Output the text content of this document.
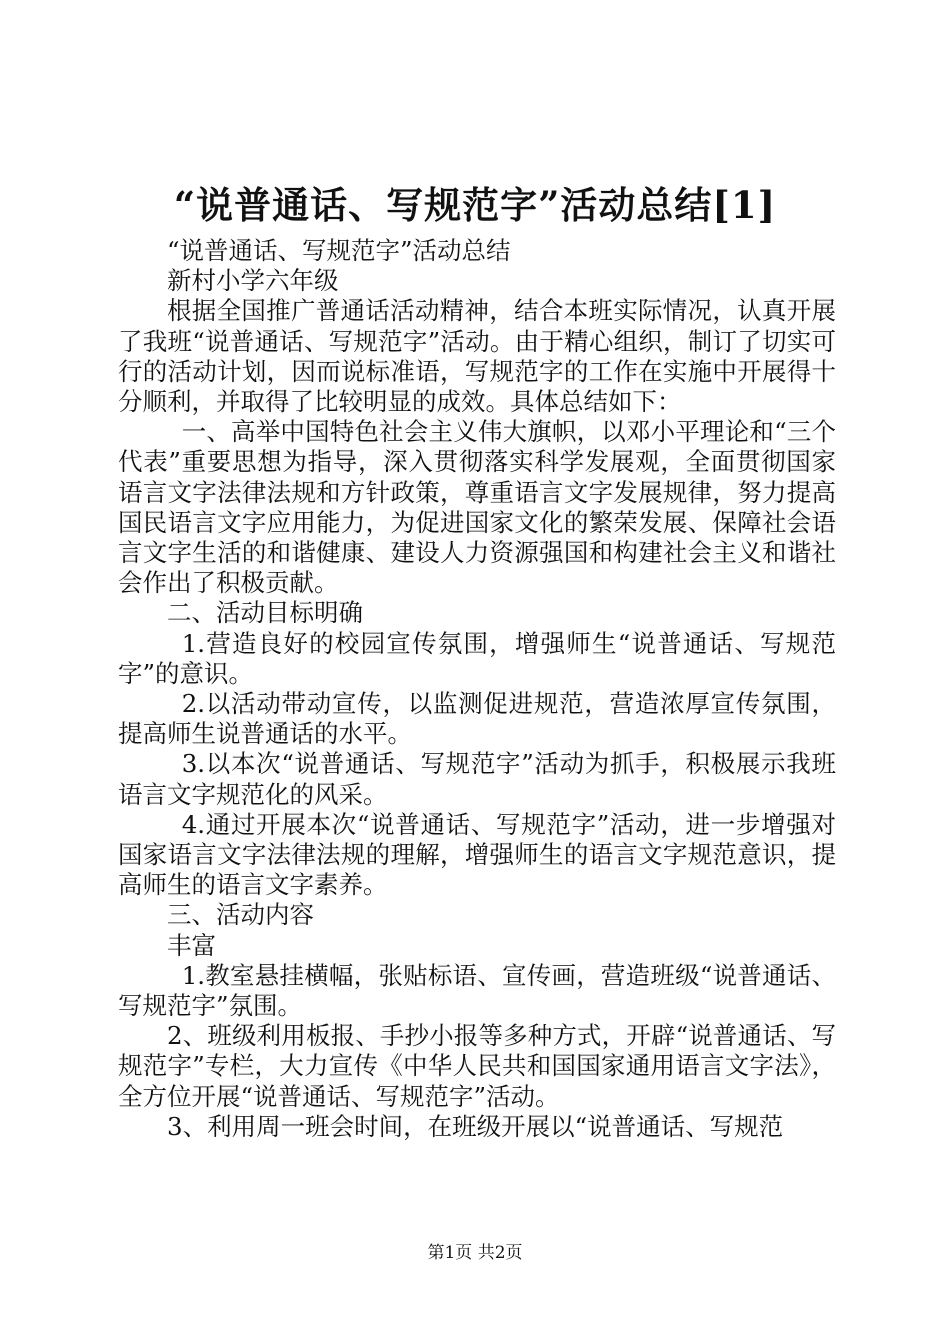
“说普通话、写规范字”活动总结[1]

“说普通话、写规范字”活动总结

新村小学六年级

根据全国推广普通话活动精神，结合本班实际情况，认真开展了我班“说普通话、写规范字”活动。由于精心组织，制订了切实可行的活动计划，因而说标准语，写规范字的工作在实施中开展得十分顺利，并取得了比较明显的成效。具体总结如下：

一、高举中国特色社会主义伟大旗帜，以邓小平理论和“三个代表”重要思想为指导，深入贯彻落实科学发展观，全面贯彻国家语言文字法律法规和方针政策，尊重语言文字发展规律，努力提高国民语言文字应用能力，为促进国家文化的繁荣发展、保障社会语言文字生活的和谐健康、建设人力资源强国和构建社会主义和谐社会作出了积极贡献。

二、活动目标明确

1.营造良好的校园宣传氛围，增强师生“说普通话、写规范字”的意识。

2.以活动带动宣传，以监测促进规范，营造浓厚宣传氛围，提高师生说普通话的水平。

3.以本次“说普通话、写规范字”活动为抓手，积极展示我班语言文字规范化的风采。

4.通过开展本次“说普通话、写规范字”活动，进一步增强对国家语言文字法律法规的理解，增强师生的语言文字规范意识，提高师生的语言文字素养。

三、活动内容

丰富

1.教室悬挂横幅，张贴标语、宣传画，营造班级“说普通话、写规范字”氛围。

2、班级利用板报、手抄小报等多种方式，开辟“说普通话、写规范字”专栏，大力宣传《中华人民共和国国家通用语言文字法》，全方位开展“说普通话、写规范字”活动。

3、利用周一班会时间，在班级开展以“说普通话、写规范

第1页 共2页
